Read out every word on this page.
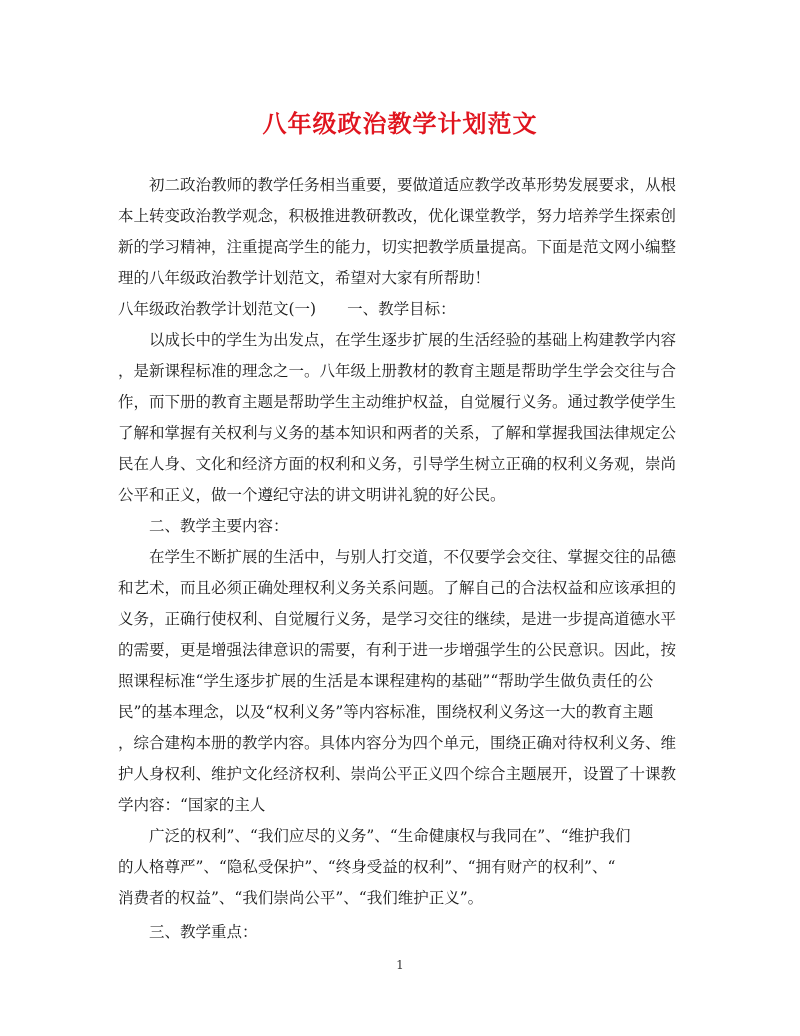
八年级政治教学计划范文
　　初二政治教师的教学任务相当重要，要做道适应教学改革形势发展要求，从根
本上转变政治教学观念，积极推进教研教改，优化课堂教学，努力培养学生探索创
新的学习精神，注重提高学生的能力，切实把教学质量提高。下面是范文网小编整
理的八年级政治教学计划范文，希望对大家有所帮助！
八年级政治教学计划范文(一)　　一、教学目标：
　　以成长中的学生为出发点，在学生逐步扩展的生活经验的基础上构建教学内容
，是新课程标准的理念之一。八年级上册教材的教育主题是帮助学生学会交往与合
作，而下册的教育主题是帮助学生主动维护权益，自觉履行义务。通过教学使学生
了解和掌握有关权利与义务的基本知识和两者的关系，了解和掌握我国法律规定公
民在人身、文化和经济方面的权利和义务，引导学生树立正确的权利义务观，崇尚
公平和正义，做一个遵纪守法的讲文明讲礼貌的好公民。
　　二、教学主要内容：
　　在学生不断扩展的生活中，与别人打交道，不仅要学会交往、掌握交往的品德
和艺术，而且必须正确处理权利义务关系问题。了解自己的合法权益和应该承担的
义务，正确行使权利、自觉履行义务，是学习交往的继续，是进一步提高道德水平
的需要，更是增强法律意识的需要，有利于进一步增强学生的公民意识。因此，按
照课程标准“学生逐步扩展的生活是本课程建构的基础”“帮助学生做负责任的公
民”的基本理念，以及“权利义务”等内容标准，围绕权利义务这一大的教育主题
，综合建构本册的教学内容。具体内容分为四个单元，围绕正确对待权利义务、维
护人身权利、维护文化经济权利、崇尚公平正义四个综合主题展开，设置了十课教
学内容：“国家的主人
　　广泛的权利”、“我们应尽的义务”、“生命健康权与我同在”、“维护我们
的人格尊严”、“隐私受保护”、“终身受益的权利”、“拥有财产的权利”、“
消费者的权益”、“我们崇尚公平”、“我们维护正义”。
　　三、教学重点：
1
